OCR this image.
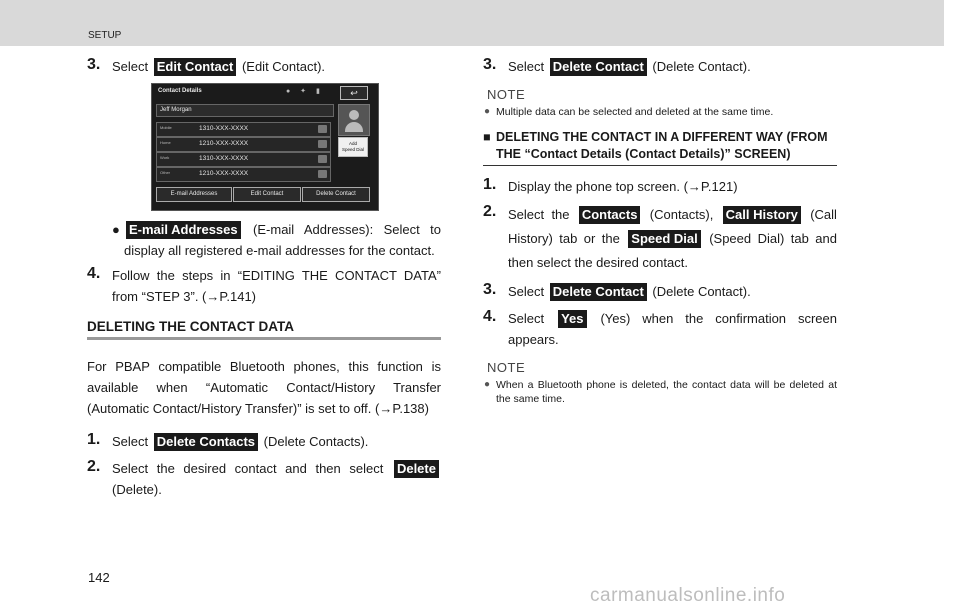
SETUP
3. Select Edit Contact (Edit Contact).
Contact Details	● ✦ ▮	↩
Jeff Morgan
Mobile	1310-XXX-XXXX
Home	1210-XXX-XXXX
Work	1310-XXX-XXXX
Other	1210-XXX-XXXX
Add
Speed Dial
E-mail Addresses	Edit Contact	Delete Contact
● E-mail Addresses (E-mail Addresses): Select to display all registered e-mail addresses for the contact.
4. Follow the steps in “EDITING THE CONTACT DATA” from “STEP 3”. (→P.141)
DELETING THE CONTACT DATA

For PBAP compatible Bluetooth phones, this function is available when “Automatic Contact/History Transfer (Automatic Contact/History Transfer)” is set to off. (→P.138)

1. Select Delete Contacts (Delete Contacts).
2. Select the desired contact and then select Delete (Delete).
3. Select Delete Contact (Delete Contact).
NOTE
● Multiple data can be selected and deleted at the same time.
■ DELETING THE CONTACT IN A DIFFERENT WAY (FROM THE “Contact Details (Contact Details)” SCREEN)
1. Display the phone top screen. (→P.121)
2. Select the Contacts (Contacts), Call History (Call History) tab or the Speed Dial (Speed Dial) tab and then select the desired contact.
3. Select Delete Contact (Delete Contact).
4. Select Yes (Yes) when the confirmation screen appears.
NOTE
● When a Bluetooth phone is deleted, the contact data will be deleted at the same time.
142
carmanualsonline.info
